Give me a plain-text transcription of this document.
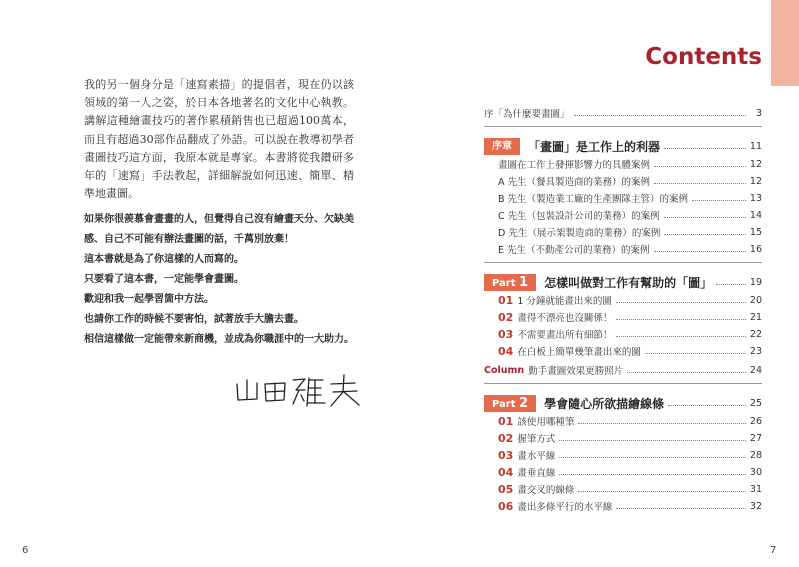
我的另一個身分是「速寫素描」的提倡者，現在仍以該領域的第一人之姿，於日本各地著名的文化中心執教。講解這種繪畫技巧的著作累積銷售也已超過100萬本，而且有超過30部作品翻成了外語。可以說在教導初學者畫圖技巧這方面，我原本就是專家。本書將從我鑽研多年的「速寫」手法教起，詳細解說如何迅速、簡單、精準地畫圖。

如果你很羨慕會畫畫的人，但覺得自己沒有繪畫天分、欠缺美

感、自己不可能有辦法畫圖的話，千萬別放棄！

這本書就是為了你這樣的人而寫的。

只要看了這本書，一定能學會畫圖。

歡迎和我一起學習箇中方法。

也請你工作的時候不要害怕，試著放手大膽去畫。

相信這樣做一定能帶來新商機，並成為你職涯中的一大助力。

6
Contents
序「為什麼要畫圖」	3
序章	「畫圖」是工作上的利器	11
畫圖在工作上發揮影響力的具體案例	12
A 先生（餐具製造商的業務）的案例	12
B 先生（製造業工廠的生產團隊主管）的案例	13
C 先生（包裝設計公司的業務）的案例	14
D 先生（展示架製造商的業務）的案例	15
E 先生（不動產公司的業務）的案例	16
Part 1	怎樣叫做對工作有幫助的「圖」	19
01 1 分鐘就能畫出來的圖	20
02 畫得不漂亮也沒關係！	21
03 不需要畫出所有細節！	22
04 在白板上簡單幾筆畫出來的圖	23
Column 動手畫圖效果更勝照片	24
Part 2	學會隨心所欲描繪線條	25
01 該使用哪種筆	26
02 握筆方式	27
03 畫水平線	28
04 畫垂直線	30
05 畫交叉的線條	31
06 畫出多條平行的水平線	32
7
